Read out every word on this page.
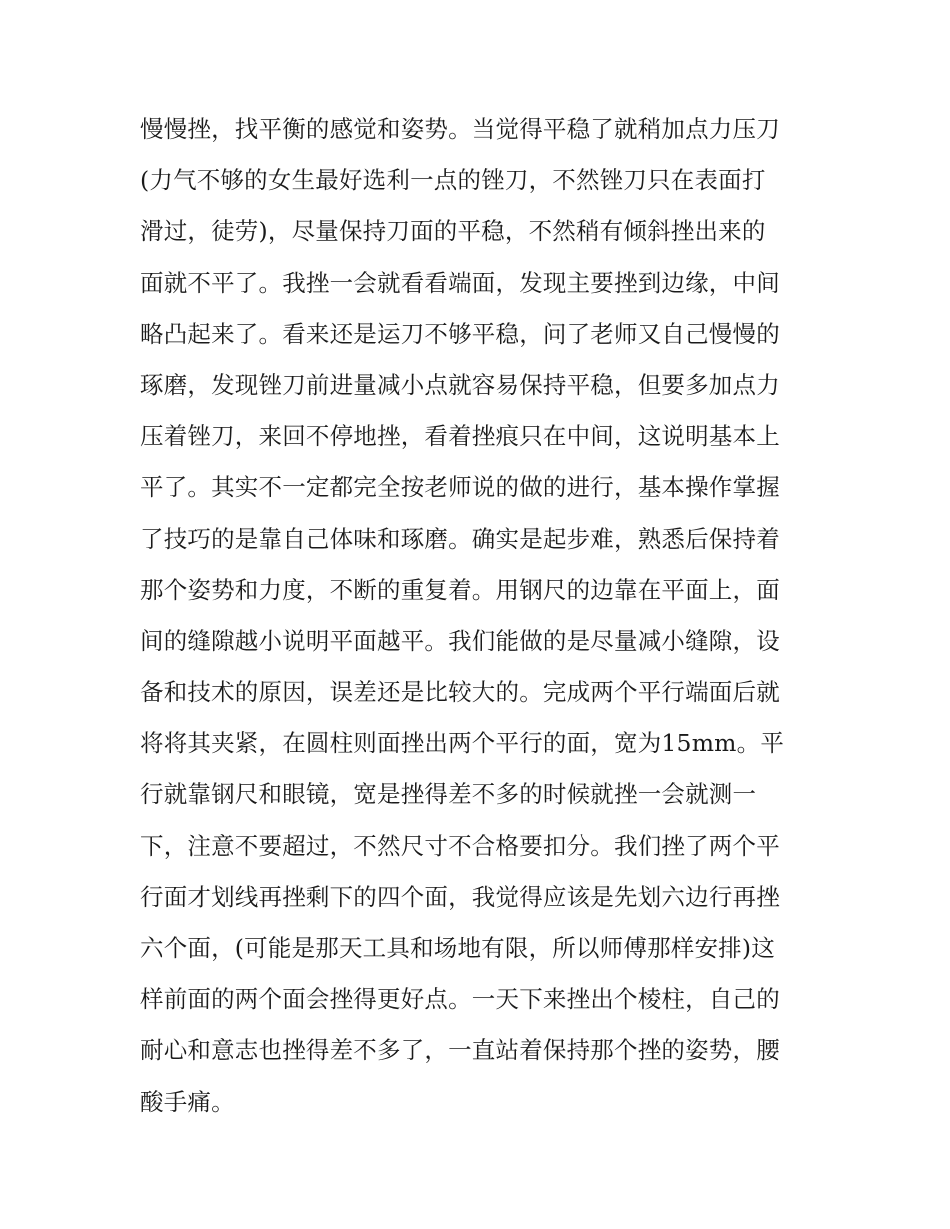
慢慢挫，找平衡的感觉和姿势。当觉得平稳了就稍加点力压刀
(力气不够的女生最好选利一点的锉刀，不然锉刀只在表面打
滑过，徒劳)，尽量保持刀面的平稳，不然稍有倾斜挫出来的
面就不平了。我挫一会就看看端面，发现主要挫到边缘，中间
略凸起来了。看来还是运刀不够平稳，问了老师又自己慢慢的
琢磨，发现锉刀前进量减小点就容易保持平稳，但要多加点力
压着锉刀，来回不停地挫，看着挫痕只在中间，这说明基本上
平了。其实不一定都完全按老师说的做的进行，基本操作掌握
了技巧的是靠自己体味和琢磨。确实是起步难，熟悉后保持着
那个姿势和力度，不断的重复着。用钢尺的边靠在平面上，面
间的缝隙越小说明平面越平。我们能做的是尽量减小缝隙，设
备和技术的原因，误差还是比较大的。完成两个平行端面后就
将将其夹紧，在圆柱则面挫出两个平行的面，宽为15mm。平
行就靠钢尺和眼镜，宽是挫得差不多的时候就挫一会就测一
下，注意不要超过，不然尺寸不合格要扣分。我们挫了两个平
行面才划线再挫剩下的四个面，我觉得应该是先划六边行再挫
六个面，(可能是那天工具和场地有限，所以师傅那样安排)这
样前面的两个面会挫得更好点。一天下来挫出个棱柱，自己的
耐心和意志也挫得差不多了，一直站着保持那个挫的姿势，腰
酸手痛。
